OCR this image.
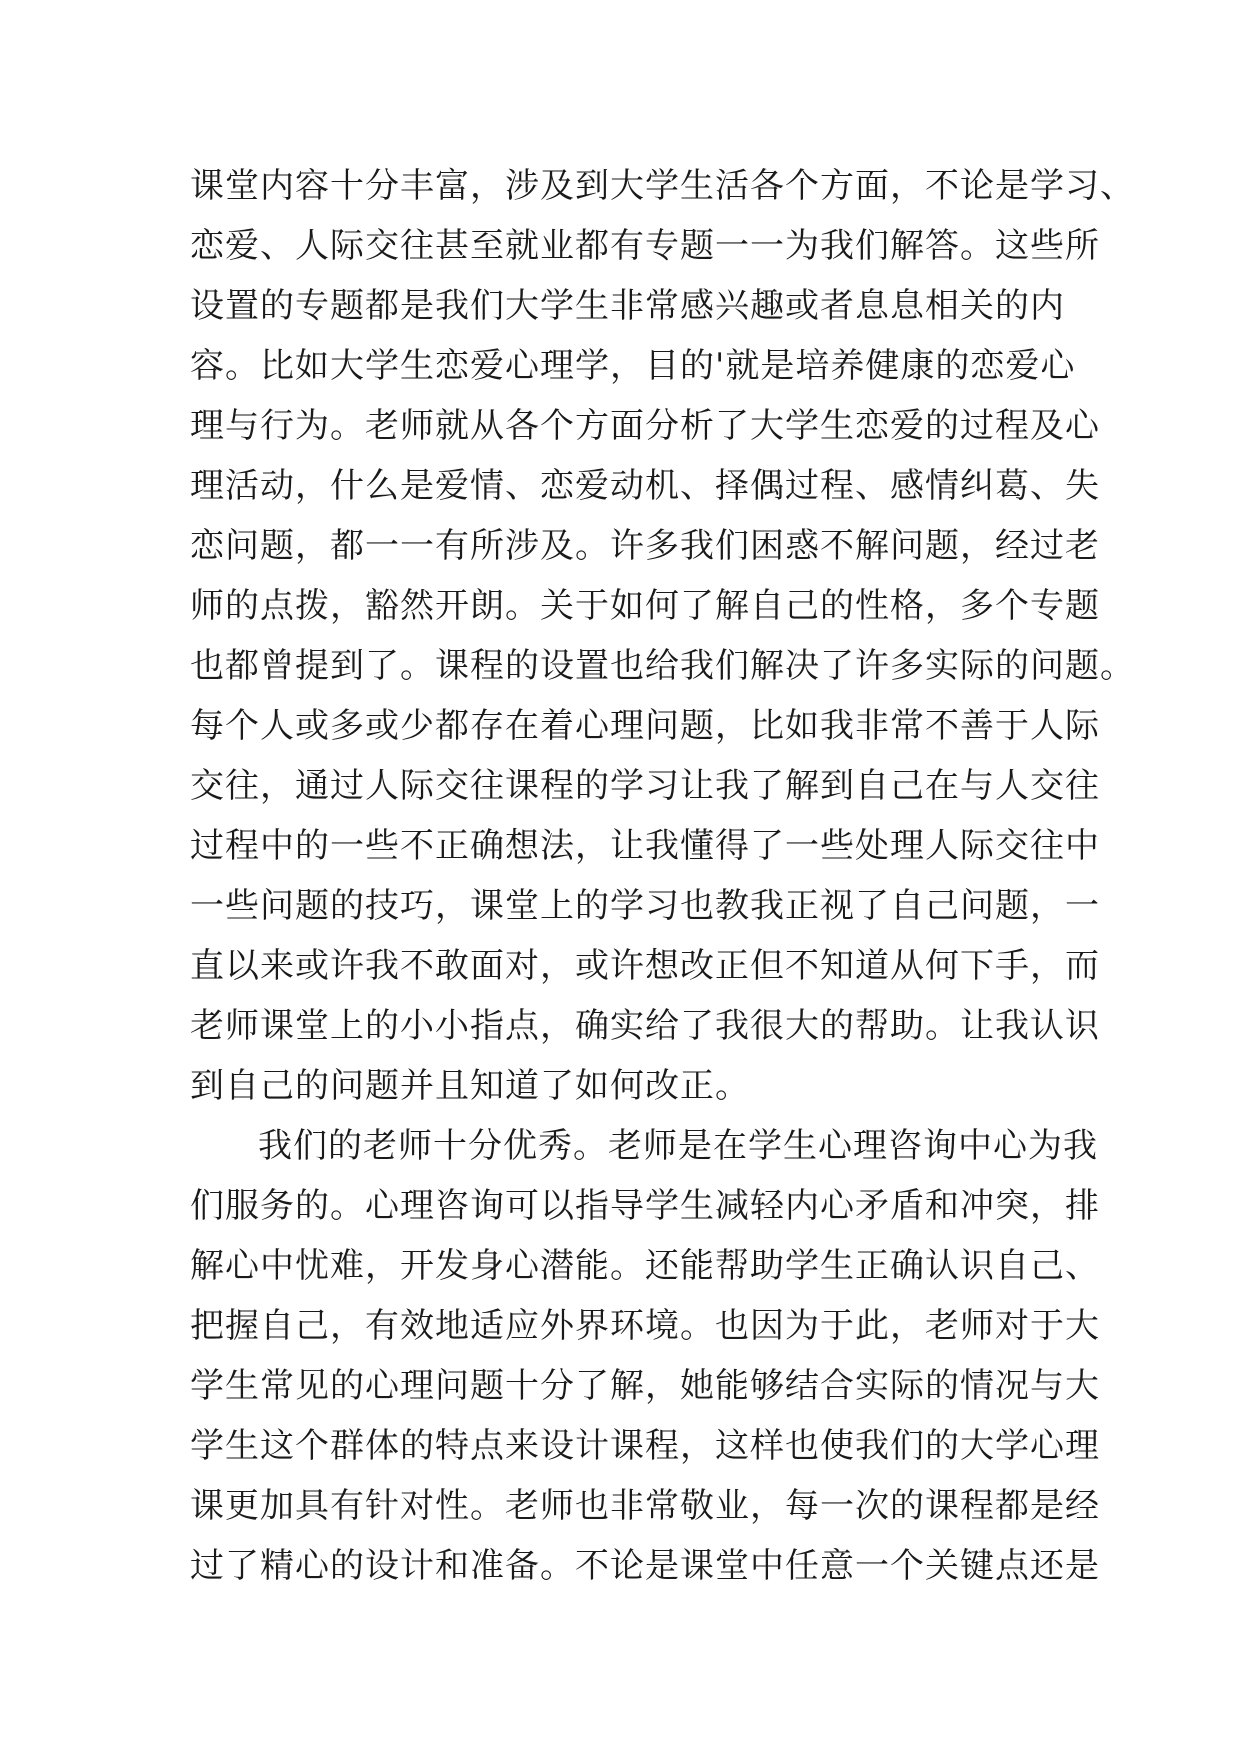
课堂内容十分丰富，涉及到大学生活各个方面，不论是学习、
恋爱、人际交往甚至就业都有专题一一为我们解答。这些所
设置的专题都是我们大学生非常感兴趣或者息息相关的内
容。比如大学生恋爱心理学，目的'就是培养健康的恋爱心
理与行为。老师就从各个方面分析了大学生恋爱的过程及心
理活动，什么是爱情、恋爱动机、择偶过程、感情纠葛、失
恋问题，都一一有所涉及。许多我们困惑不解问题，经过老
师的点拨，豁然开朗。关于如何了解自己的性格，多个专题
也都曾提到了。课程的设置也给我们解决了许多实际的问题。
每个人或多或少都存在着心理问题，比如我非常不善于人际
交往，通过人际交往课程的学习让我了解到自己在与人交往
过程中的一些不正确想法，让我懂得了一些处理人际交往中
一些问题的技巧，课堂上的学习也教我正视了自己问题，一
直以来或许我不敢面对，或许想改正但不知道从何下手，而
老师课堂上的小小指点，确实给了我很大的帮助。让我认识
到自己的问题并且知道了如何改正。
我们的老师十分优秀。老师是在学生心理咨询中心为我
们服务的。心理咨询可以指导学生减轻内心矛盾和冲突，排
解心中忧难，开发身心潜能。还能帮助学生正确认识自己、
把握自己，有效地适应外界环境。也因为于此，老师对于大
学生常见的心理问题十分了解，她能够结合实际的情况与大
学生这个群体的特点来设计课程，这样也使我们的大学心理
课更加具有针对性。老师也非常敬业，每一次的课程都是经
过了精心的设计和准备。不论是课堂中任意一个关键点还是
